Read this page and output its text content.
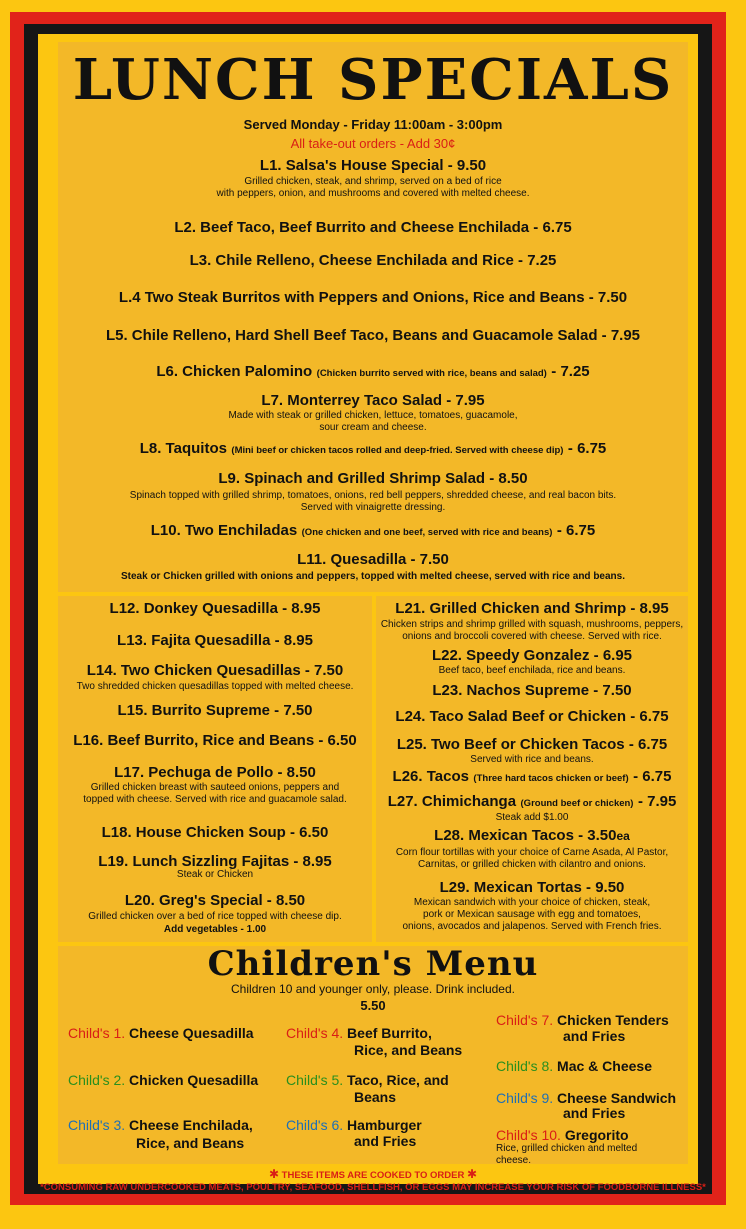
LUNCH SPECIALS
Served Monday - Friday 11:00am - 3:00pm
All take-out orders - Add 30¢
L1. Salsa's House Special - 9.50
Grilled chicken, steak, and shrimp, served on a bed of rice
with peppers, onion, and mushrooms and covered with melted cheese.
L2. Beef Taco, Beef Burrito and Cheese Enchilada - 6.75
L3. Chile Relleno, Cheese Enchilada and Rice - 7.25
L.4 Two Steak Burritos with Peppers and Onions, Rice and Beans - 7.50
L5. Chile Relleno, Hard Shell Beef Taco, Beans and Guacamole Salad - 7.95
L6. Chicken Palomino (Chicken burrito served with rice, beans and salad) - 7.25
L7. Monterrey Taco Salad - 7.95
Made with steak or grilled chicken, lettuce, tomatoes, guacamole,
sour cream and cheese.
L8. Taquitos (Mini beef or chicken tacos rolled and deep-fried. Served with cheese dip) - 6.75
L9. Spinach and Grilled Shrimp Salad - 8.50
Spinach topped with grilled shrimp, tomatoes, onions, red bell peppers, shredded cheese, and real bacon bits.
Served with vinaigrette dressing.
L10. Two Enchiladas (One chicken and one beef, served with rice and beans) - 6.75
L11. Quesadilla - 7.50
Steak or Chicken grilled with onions and peppers, topped with melted cheese, served with rice and beans.
L12. Donkey Quesadilla - 8.95
L13. Fajita Quesadilla - 8.95
L14. Two Chicken Quesadillas - 7.50
Two shredded chicken quesadillas topped with melted cheese.
L15. Burrito Supreme - 7.50
L16. Beef Burrito, Rice and Beans - 6.50
L17. Pechuga de Pollo - 8.50
Grilled chicken breast with sauteed onions, peppers and
topped with cheese. Served with rice and guacamole salad.
L18. House Chicken Soup - 6.50
L19. Lunch Sizzling Fajitas - 8.95
Steak or Chicken
L20. Greg's Special - 8.50
Grilled chicken over a bed of rice topped with cheese dip.
Add vegetables - 1.00
L21. Grilled Chicken and Shrimp - 8.95
Chicken strips and shrimp grilled with squash, mushrooms, peppers,
onions and broccoli covered with cheese. Served with rice.
L22. Speedy Gonzalez - 6.95
Beef taco, beef enchilada, rice and beans.
L23. Nachos Supreme - 7.50
L24. Taco Salad Beef or Chicken - 6.75
L25. Two Beef or Chicken Tacos - 6.75
Served with rice and beans.
L26. Tacos (Three hard tacos chicken or beef) - 6.75
L27. Chimichanga (Ground beef or chicken) - 7.95
Steak add $1.00
L28. Mexican Tacos - 3.50ea
Corn flour tortillas with your choice of Carne Asada, Al Pastor,
Carnitas, or grilled chicken with cilantro and onions.
L29. Mexican Tortas - 9.50
Mexican sandwich with your choice of chicken, steak,
pork or Mexican sausage with egg and tomatoes,
onions, avocados and jalapenos. Served with French fries.
Children's Menu
Children 10 and younger only, please. Drink included.
5.50
Child's 1. Cheese Quesadilla
Child's 2. Chicken Quesadilla
Child's 3. Cheese Enchilada,
Rice, and Beans
Child's 4. Beef Burrito,
Rice, and Beans
Child's 5. Taco, Rice, and
Beans
Child's 6. Hamburger
and Fries
Child's 7. Chicken Tenders
and Fries
Child's 8. Mac & Cheese
Child's 9. Cheese Sandwich
and Fries
Child's 10. Gregorito
Rice, grilled chicken and melted
cheese.
✱ THESE ITEMS ARE COOKED TO ORDER ✱
*CONSUMING RAW UNDERCOOKED MEATS, POULTRY, SEAFOOD, SHELLFISH, OR EGGS MAY INCREASE YOUR RISK OF FOODBORNE ILLNESS*
